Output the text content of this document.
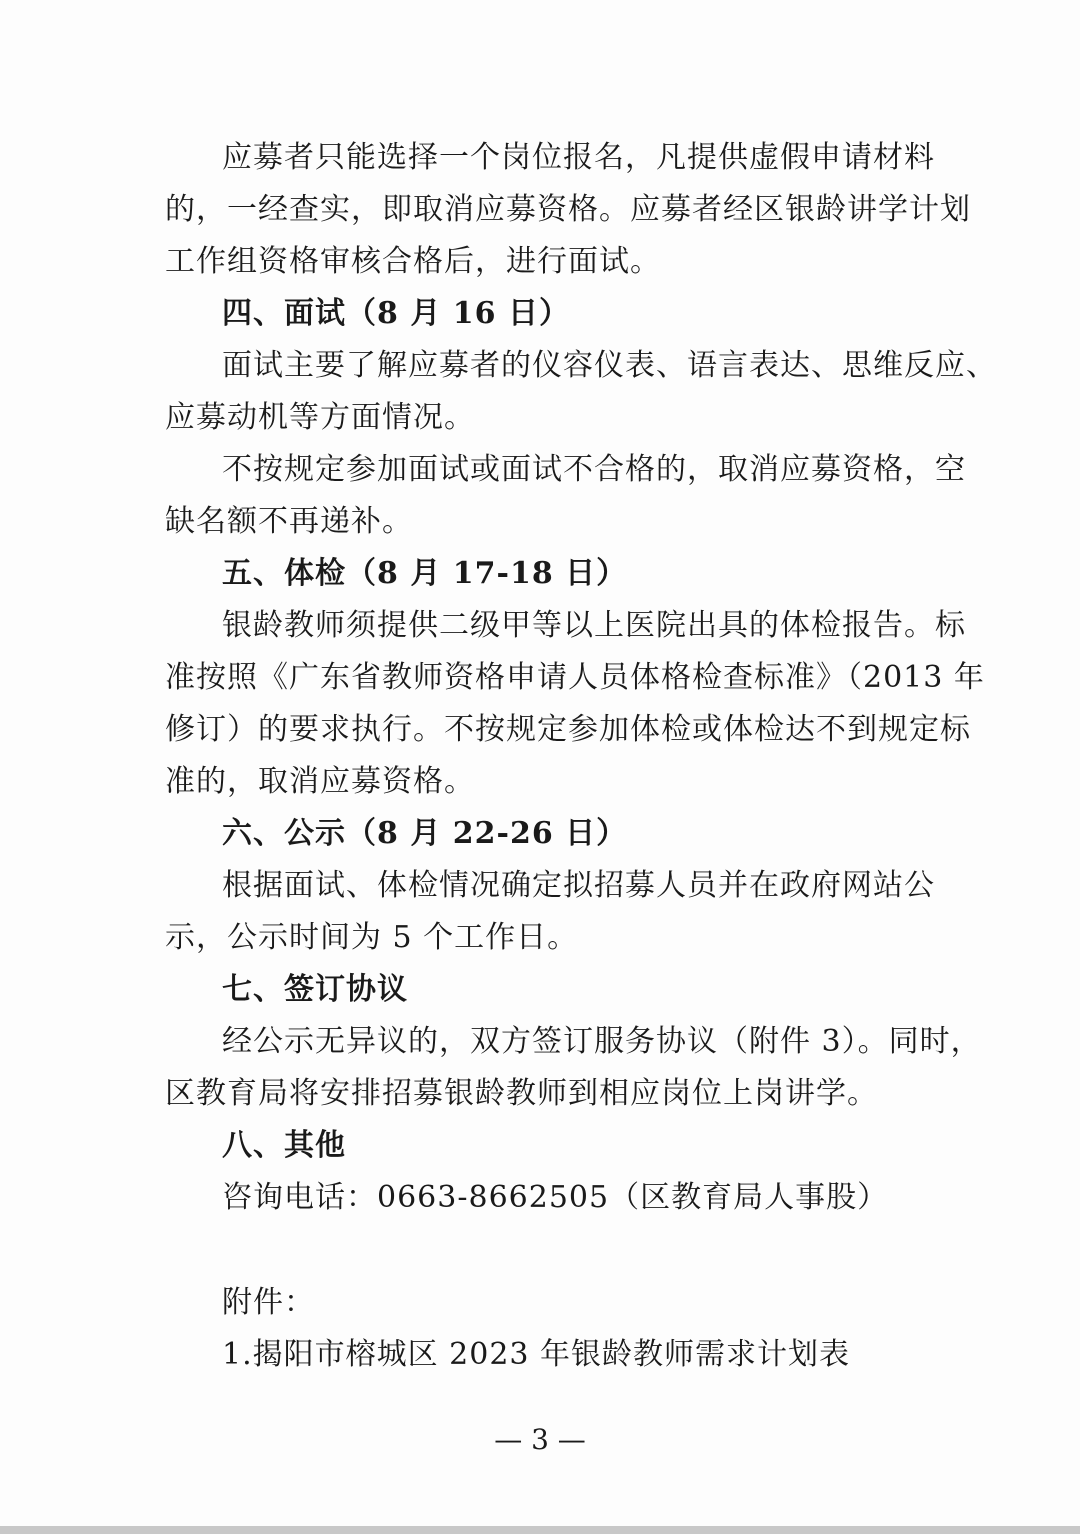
应募者只能选择一个岗位报名，凡提供虚假申请材料
的，一经查实，即取消应募资格。应募者经区银龄讲学计划
工作组资格审核合格后，进行面试。
四、面试（8 月 16 日）
面试主要了解应募者的仪容仪表、语言表达、思维反应、
应募动机等方面情况。
不按规定参加面试或面试不合格的，取消应募资格，空
缺名额不再递补。
五、体检（8 月 17-18 日）
银龄教师须提供二级甲等以上医院出具的体检报告。标
准按照《广东省教师资格申请人员体格检查标准》（2013 年
修订）的要求执行。不按规定参加体检或体检达不到规定标
准的，取消应募资格。
六、公示（8 月 22-26 日）
根据面试、体检情况确定拟招募人员并在政府网站公
示，公示时间为 5 个工作日。
七、签订协议
经公示无异议的，双方签订服务协议（附件 3）。同时，
区教育局将安排招募银龄教师到相应岗位上岗讲学。
八、其他
咨询电话：0663-8662505（区教育局人事股）
附件：
1.揭阳市榕城区 2023 年银龄教师需求计划表
— 3 —
